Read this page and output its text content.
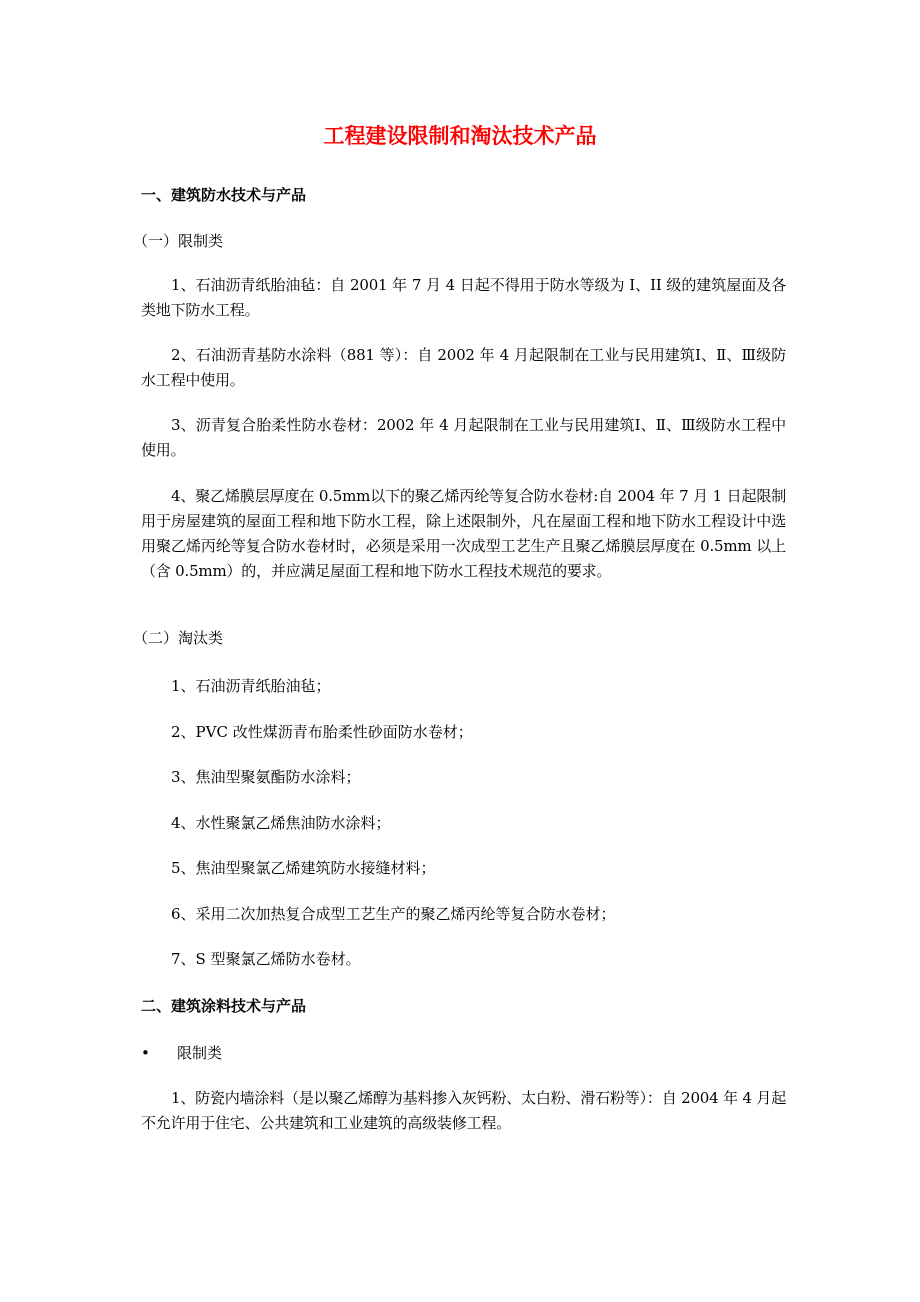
工程建设限制和淘汰技术产品
一、建筑防水技术与产品
（一）限制类

1、石油沥青纸胎油毡：自 2001 年 7 月 4 日起不得用于防水等级为 I、II 级的建筑屋面及各类地下防水工程。

2、石油沥青基防水涂料（881 等）：自 2002 年 4 月起限制在工业与民用建筑Ⅰ、Ⅱ、Ⅲ级防水工程中使用。

3、沥青复合胎柔性防水卷材：2002 年 4 月起限制在工业与民用建筑Ⅰ、Ⅱ、Ⅲ级防水工程中使用。

4、聚乙烯膜层厚度在 0.5mm以下的聚乙烯丙纶等复合防水卷材:自 2004 年 7 月 1 日起限制用于房屋建筑的屋面工程和地下防水工程，除上述限制外，凡在屋面工程和地下防水工程设计中选用聚乙烯丙纶等复合防水卷材时，必须是采用一次成型工艺生产且聚乙烯膜层厚度在 0.5mm 以上（含 0.5mm）的，并应满足屋面工程和地下防水工程技术规范的要求。

（二）淘汰类
1、石油沥青纸胎油毡；
2、PVC 改性煤沥青布胎柔性砂面防水卷材；
3、焦油型聚氨酯防水涂料；
4、水性聚氯乙烯焦油防水涂料；
5、焦油型聚氯乙烯建筑防水接缝材料；
6、采用二次加热复合成型工艺生产的聚乙烯丙纶等复合防水卷材；
7、S 型聚氯乙烯防水卷材。
二、建筑涂料技术与产品
• 限制类

1、防瓷内墙涂料（是以聚乙烯醇为基料掺入灰钙粉、太白粉、滑石粉等）：自 2004 年 4 月起不允许用于住宅、公共建筑和工业建筑的高级装修工程。
